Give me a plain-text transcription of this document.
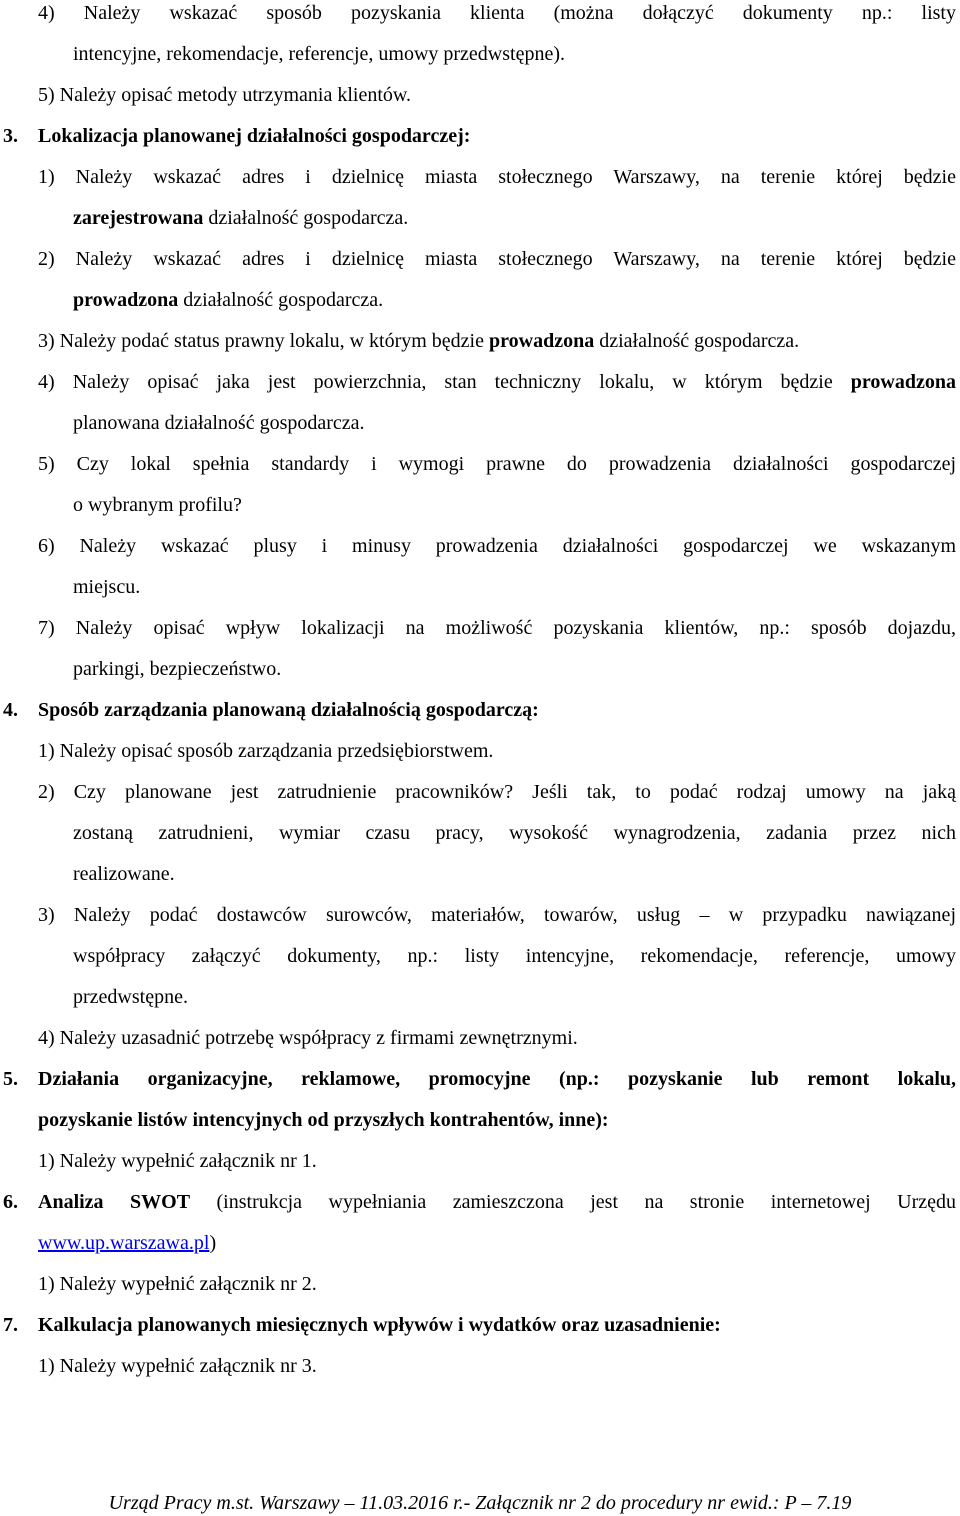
4) Należy wskazać sposób pozyskania klienta (można dołączyć dokumenty np.: listy
intencyjne, rekomendacje, referencje, umowy przedwstępne).
5) Należy opisać metody utrzymania klientów.
3. Lokalizacja planowanej działalności gospodarczej:
1) Należy wskazać adres i dzielnicę miasta stołecznego Warszawy, na terenie której będzie
zarejestrowana działalność gospodarcza.
2) Należy wskazać adres i dzielnicę miasta stołecznego Warszawy, na terenie której będzie
prowadzona działalność gospodarcza.
3) Należy podać status prawny lokalu, w którym będzie prowadzona działalność gospodarcza.
4) Należy opisać jaka jest powierzchnia, stan techniczny lokalu, w którym będzie prowadzona
planowana działalność gospodarcza.
5) Czy lokal spełnia standardy i wymogi prawne do prowadzenia działalności gospodarczej
o wybranym profilu?
6) Należy wskazać plusy i minusy prowadzenia działalności gospodarczej we wskazanym
miejscu.
7) Należy opisać wpływ lokalizacji na możliwość pozyskania klientów, np.: sposób dojazdu,
parkingi, bezpieczeństwo.
4. Sposób zarządzania planowaną działalnością gospodarczą:
1) Należy opisać sposób zarządzania przedsiębiorstwem.
2) Czy planowane jest zatrudnienie pracowników? Jeśli tak, to podać rodzaj umowy na jaką
zostaną zatrudnieni, wymiar czasu pracy, wysokość wynagrodzenia, zadania przez nich
realizowane.
3) Należy podać dostawców surowców, materiałów, towarów, usług – w przypadku nawiązanej
współpracy załączyć dokumenty, np.: listy intencyjne, rekomendacje, referencje, umowy
przedwstępne.
4) Należy uzasadnić potrzebę współpracy z firmami zewnętrznymi.
5. Działania organizacyjne, reklamowe, promocyjne (np.: pozyskanie lub remont lokalu,
pozyskanie listów intencyjnych od przyszłych kontrahentów, inne):
1) Należy wypełnić załącznik nr 1.
6. Analiza SWOT (instrukcja wypełniania zamieszczona jest na stronie internetowej Urzędu
www.up.warszawa.pl)
1) Należy wypełnić załącznik nr 2.
7. Kalkulacja planowanych miesięcznych wpływów i wydatków oraz uzasadnienie:
1) Należy wypełnić załącznik nr 3.
Urząd Pracy m.st. Warszawy – 11.03.2016 r.- Załącznik nr 2 do procedury nr ewid.: P – 7.19
